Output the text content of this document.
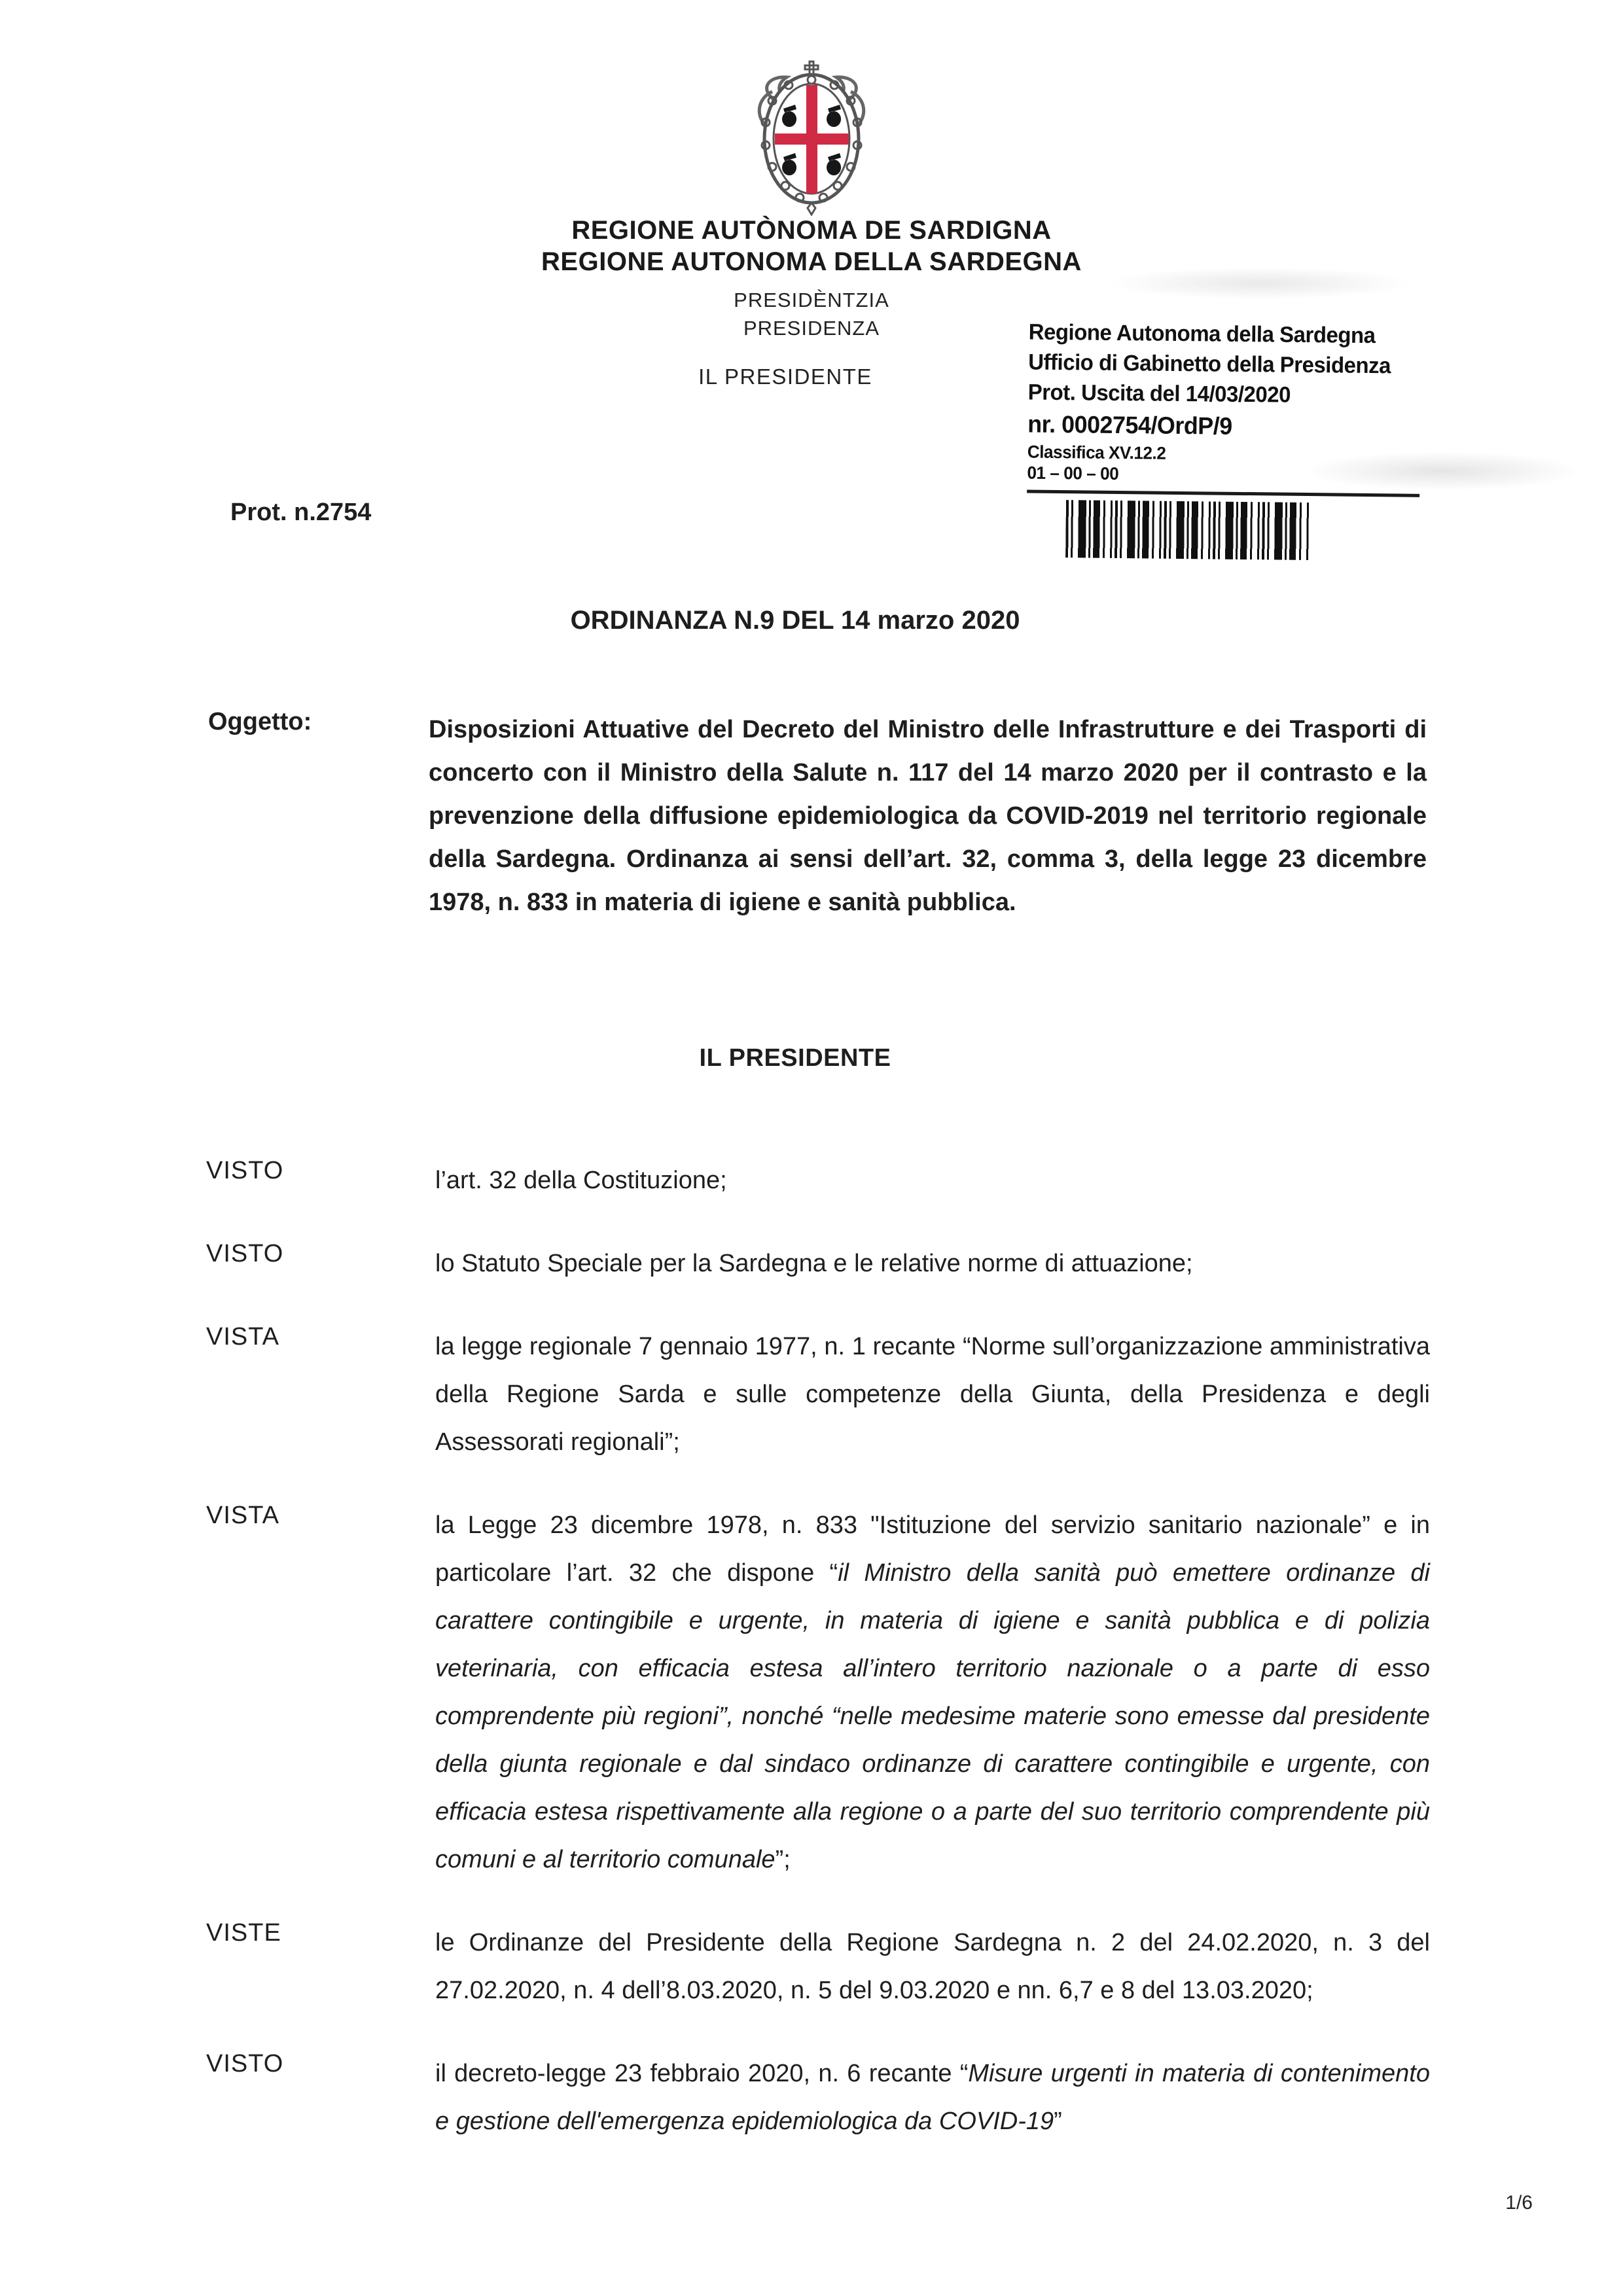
REGIONE AUTÒNOMA DE SARDIGNA
REGIONE AUTONOMA DELLA SARDEGNA
PRESIDÈNTZIA
PRESIDENZA
IL PRESIDENTE
Regione Autonoma della Sardegna
Ufficio di Gabinetto della Presidenza
Prot. Uscita del 14/03/2020
nr. 0002754/OrdP/9
Classifica XV.12.2
01 – 00 – 00
Prot. n.2754
ORDINANZA N.9 DEL 14 marzo 2020
Oggetto:	Disposizioni Attuative del Decreto del Ministro delle Infrastrutture e dei Trasporti di concerto con il Ministro della Salute n. 117 del 14 marzo 2020 per il contrasto e la prevenzione della diffusione epidemiologica da COVID-2019 nel territorio regionale della Sardegna. Ordinanza ai sensi dell’art. 32, comma 3, della legge 23 dicembre 1978, n. 833 in materia di igiene e sanità pubblica.
IL PRESIDENTE
VISTO	l’art. 32 della Costituzione;
VISTO	lo Statuto Speciale per la Sardegna e le relative norme di attuazione;
VISTA	la legge regionale 7 gennaio 1977, n. 1 recante “Norme sull’organizzazione amministrativa della Regione Sarda e sulle competenze della Giunta, della Presidenza e degli Assessorati regionali”;
VISTA	la Legge 23 dicembre 1978, n. 833 "Istituzione del servizio sanitario nazionale” e in particolare l’art. 32 che dispone “il Ministro della sanità può emettere ordinanze di carattere contingibile e urgente, in materia di igiene e sanità pubblica e di polizia veterinaria, con efficacia estesa all’intero territorio nazionale o a parte di esso comprendente più regioni”, nonché “nelle medesime materie sono emesse dal presidente della giunta regionale e dal sindaco ordinanze di carattere contingibile e urgente, con efficacia estesa rispettivamente alla regione o a parte del suo territorio comprendente più comuni e al territorio comunale”;
VISTE	le Ordinanze del Presidente della Regione Sardegna n. 2 del 24.02.2020, n. 3 del 27.02.2020, n. 4 dell’8.03.2020, n. 5 del 9.03.2020 e nn. 6,7 e 8 del 13.03.2020;
VISTO	il decreto-legge 23 febbraio 2020, n. 6 recante “Misure urgenti in materia di contenimento e gestione dell'emergenza epidemiologica da COVID-19”
1/6
